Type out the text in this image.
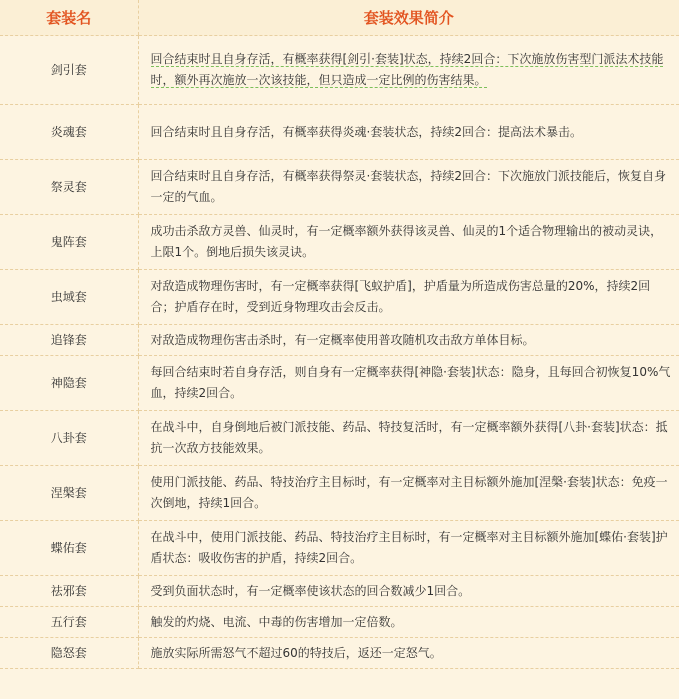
套装名	套装效果简介
剑引套	回合结束时且自身存活，有概率获得[剑引·套装]状态，持续2回合：下次施放伤害型门派法术技能时，额外再次施放一次该技能，但只造成一定比例的伤害结果。
炎魂套	回合结束时且自身存活，有概率获得炎魂·套装状态，持续2回合：提高法术暴击。
祭灵套	回合结束时且自身存活，有概率获得祭灵·套装状态，持续2回合：下次施放门派技能后，恢复自身一定的气血。
鬼阵套	成功击杀敌方灵兽、仙灵时，有一定概率额外获得该灵兽、仙灵的1个适合物理输出的被动灵诀，上限1个。倒地后损失该灵诀。
虫域套	对敌造成物理伤害时，有一定概率获得[飞蚁护盾]，护盾量为所造成伤害总量的20%，持续2回合；护盾存在时，受到近身物理攻击会反击。
追锋套	对敌造成物理伤害击杀时，有一定概率使用普攻随机攻击敌方单体目标。
神隐套	每回合结束时若自身存活，则自身有一定概率获得[神隐·套装]状态：隐身，且每回合初恢复10%气血，持续2回合。
八卦套	在战斗中，自身倒地后被门派技能、药品、特技复活时，有一定概率额外获得[八卦·套装]状态：抵抗一次敌方技能效果。
涅槃套	使用门派技能、药品、特技治疗主目标时，有一定概率对主目标额外施加[涅槃·套装]状态：免疫一次倒地，持续1回合。
蝶佑套	在战斗中，使用门派技能、药品、特技治疗主目标时，有一定概率对主目标额外施加[蝶佑·套装]护盾状态：吸收伤害的护盾，持续2回合。
祛邪套	受到负面状态时，有一定概率使该状态的回合数减少1回合。
五行套	触发的灼烧、电流、中毒的伤害增加一定倍数。
隐怒套	施放实际所需怒气不超过60的特技后，返还一定怒气。
